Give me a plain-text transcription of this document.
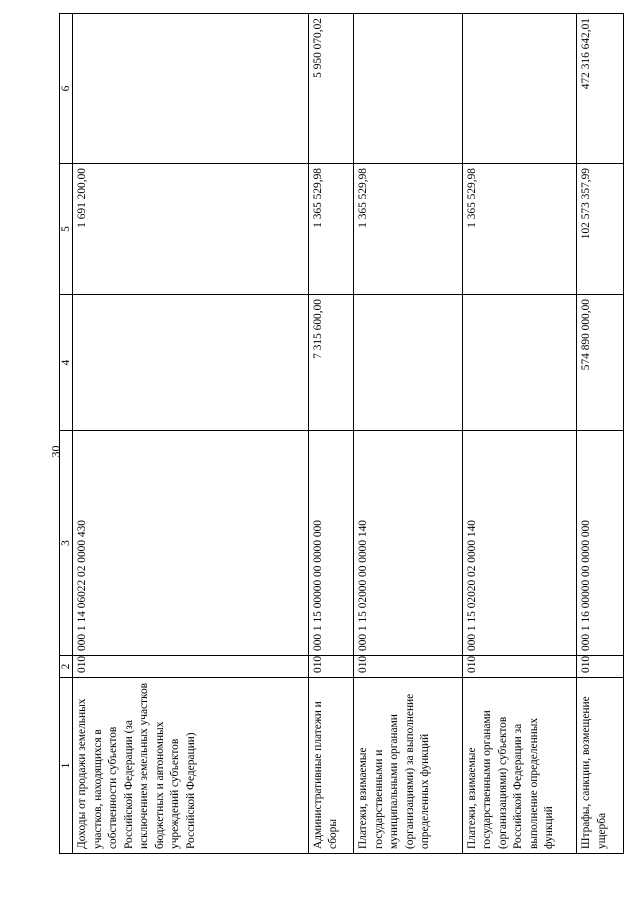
30
1	2	3	4	5	6
Доходы от продажи земельных участков, находящихся в собственности субъектов Российской Федерации (за исключением земельных участков бюджетных и автономных учреждений субъектов Российской Федерации)	010	000 1 14 06022 02 0000 430		1 691 200,00	
Административные платежи и сборы	010	000 1 15 00000 00 0000 000	7 315 600,00	1 365 529,98	5 950 070,02
Платежи, взимаемые государственными и муниципальными органами (организациями) за выполнение определенных функций	010	000 1 15 02000 00 0000 140		1 365 529,98	
Платежи, взимаемые государственными органами (организациями) субъектов Российской Федерации за выполнение определенных функций	010	000 1 15 02020 02 0000 140		1 365 529,98	
Штрафы, санкции, возмещение ущерба	010	000 1 16 00000 00 0000 000	574 890 000,00	102 573 357,99	472 316 642,01
